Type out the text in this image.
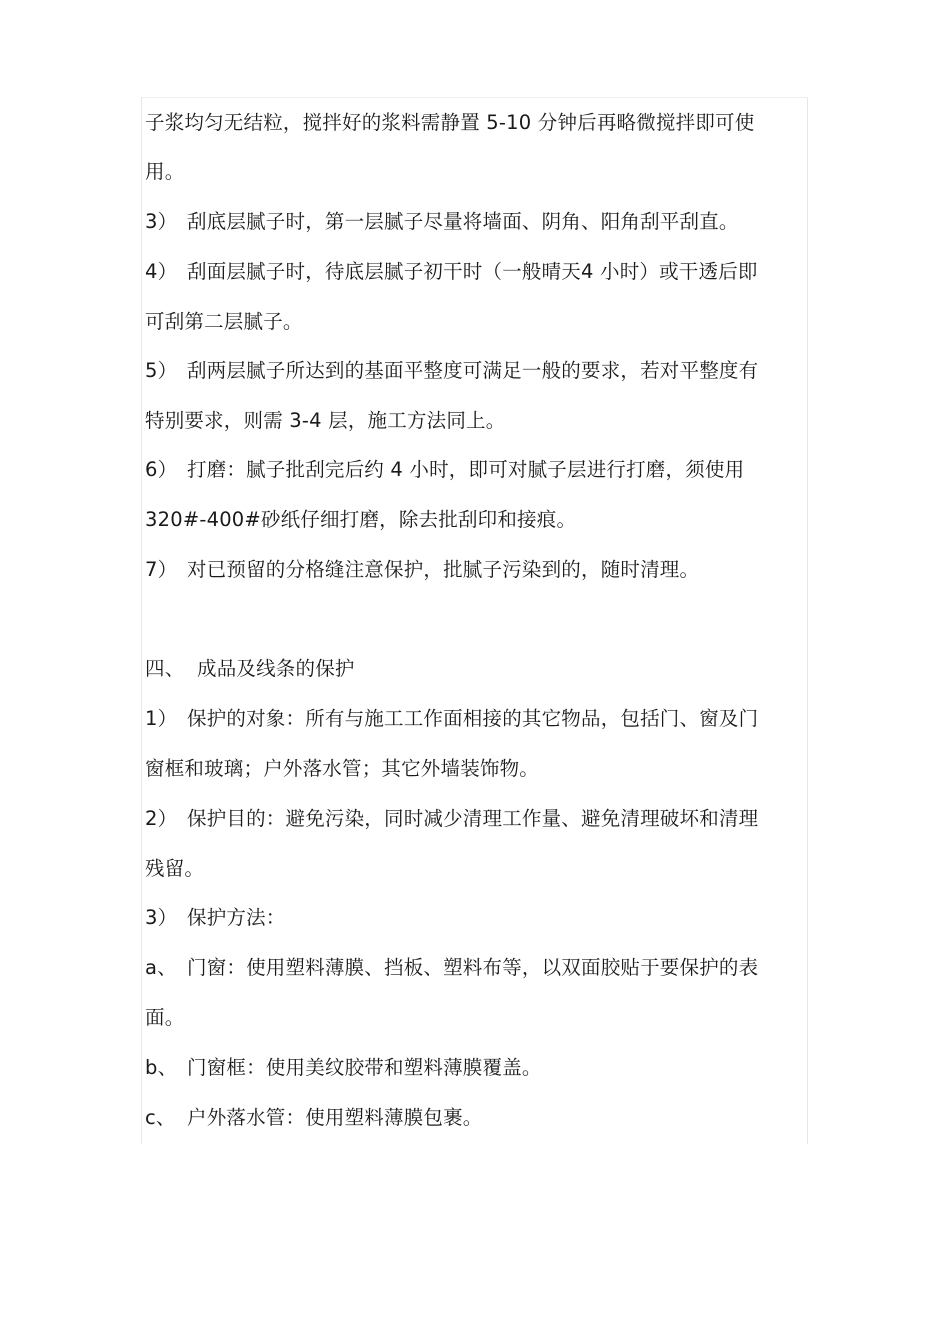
子浆均匀无结粒，搅拌好的浆料需静置 5-10 分钟后再略微搅拌即可使
用。
3） 刮底层腻子时，第一层腻子尽量将墙面、阴角、阳角刮平刮直。
4） 刮面层腻子时，待底层腻子初干时（一般晴天4 小时）或干透后即
可刮第二层腻子。
5） 刮两层腻子所达到的基面平整度可满足一般的要求，若对平整度有
特别要求，则需 3-4 层，施工方法同上。
6） 打磨：腻子批刮完后约 4 小时，即可对腻子层进行打磨，须使用
320#-400#砂纸仔细打磨，除去批刮印和接痕。
7） 对已预留的分格缝注意保护，批腻子污染到的，随时清理。
四、 成品及线条的保护
1） 保护的对象：所有与施工工作面相接的其它物品，包括门、窗及门
窗框和玻璃；户外落水管；其它外墙装饰物。
2） 保护目的：避免污染，同时减少清理工作量、避免清理破坏和清理
残留。
3） 保护方法：
a、 门窗：使用塑料薄膜、挡板、塑料布等，以双面胶贴于要保护的表
面。
b、 门窗框：使用美纹胶带和塑料薄膜覆盖。
c、 户外落水管：使用塑料薄膜包裹。
